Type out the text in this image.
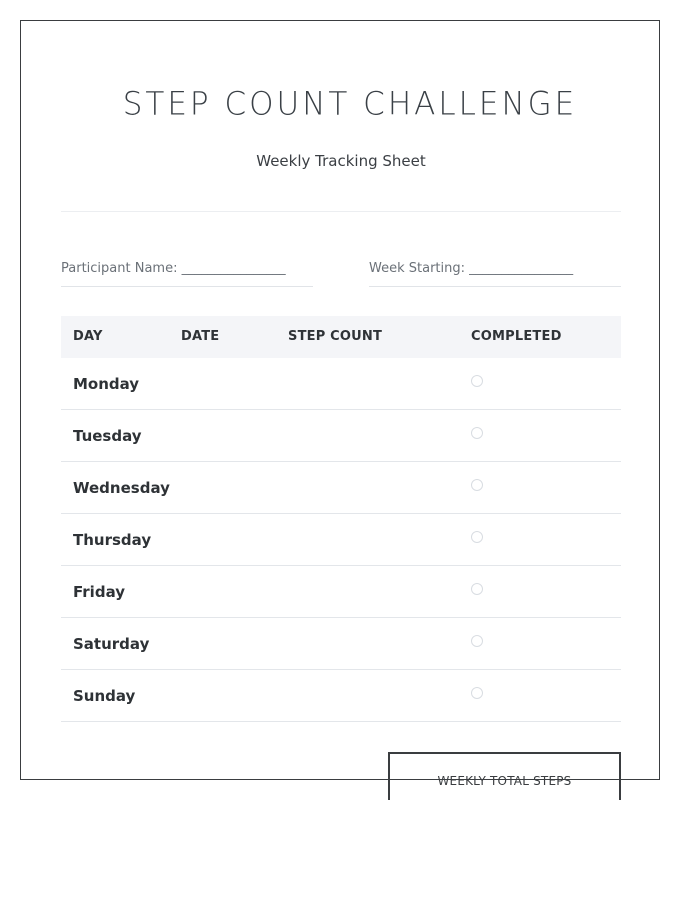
STEP COUNT CHALLENGE
Weekly Tracking Sheet
Participant Name: ________________	Week Starting: ________________
DAY	DATE	STEP COUNT	COMPLETED
Monday
Tuesday
Wednesday
Thursday
Friday
Saturday
Sunday
WEEKLY TOTAL STEPS
